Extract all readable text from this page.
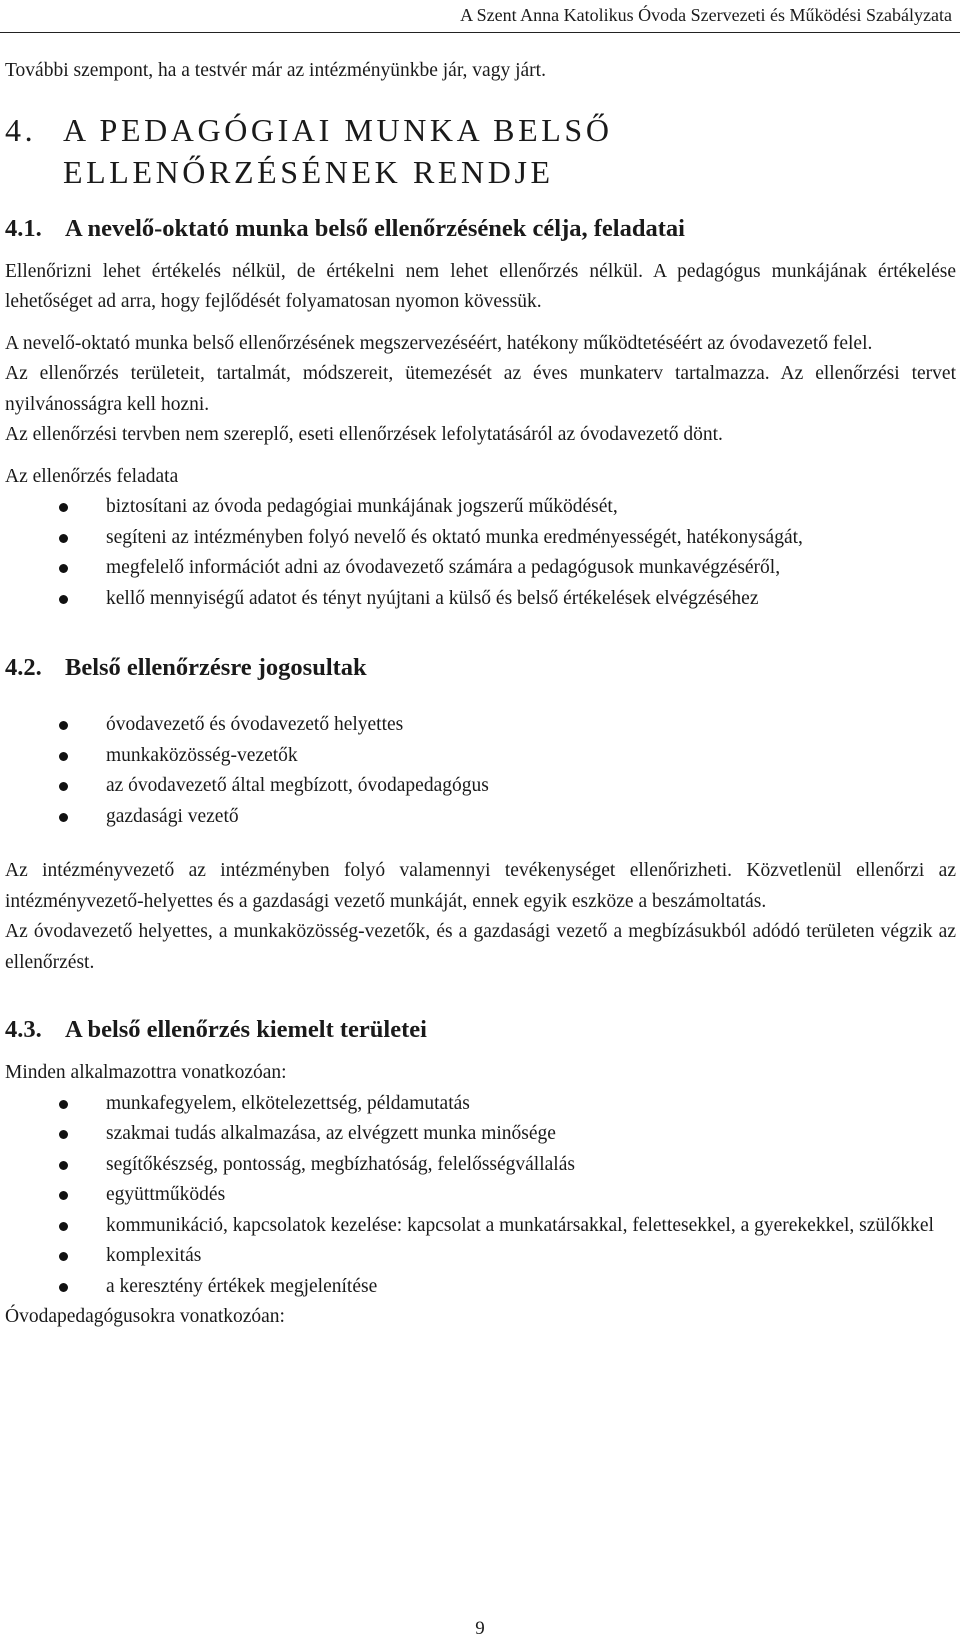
A Szent Anna Katolikus Óvoda Szervezeti és Működési Szabályzata

További szempont, ha a testvér már az intézményünkbe jár, vagy járt.

4. A PEDAGÓGIAI MUNKA BELSŐ
ELLENŐRZÉSÉNEK RENDJE
4.1. A nevelő-oktató munka belső ellenőrzésének célja, feladatai

Ellenőrizni lehet értékelés nélkül, de értékelni nem lehet ellenőrzés nélkül. A pedagógus munkájának értékelése lehetőséget ad arra, hogy fejlődését folyamatosan nyomon kövessük.

A nevelő-oktató munka belső ellenőrzésének megszervezéséért, hatékony működtetéséért az óvodavezető felel.

Az ellenőrzés területeit, tartalmát, módszereit, ütemezését az éves munkaterv tartalmazza. Az ellenőrzési tervet nyilvánosságra kell hozni.

Az ellenőrzési tervben nem szereplő, eseti ellenőrzések lefolytatásáról az óvodavezető dönt.

Az ellenőrzés feladata

biztosítani az óvoda pedagógiai munkájának jogszerű működését,
segíteni az intézményben folyó nevelő és oktató munka eredményességét, hatékonyságát,
megfelelő információt adni az óvodavezető számára a pedagógusok munkavégzéséről,
kellő mennyiségű adatot és tényt nyújtani a külső és belső értékelések elvégzéséhez
4.2. Belső ellenőrzésre jogosultak
óvodavezető és óvodavezető helyettes
munkaközösség-vezetők
az óvodavezető által megbízott, óvodapedagógus
gazdasági vezető

Az intézményvezető az intézményben folyó valamennyi tevékenységet ellenőrizheti. Közvetlenül ellenőrzi az intézményvezető-helyettes és a gazdasági vezető munkáját, ennek egyik eszköze a beszámoltatás.

Az óvodavezető helyettes, a munkaközösség-vezetők, és a gazdasági vezető a megbízásukból adódó területen végzik az ellenőrzést.

4.3. A belső ellenőrzés kiemelt területei

Minden alkalmazottra vonatkozóan:

munkafegyelem, elkötelezettség, példamutatás
szakmai tudás alkalmazása, az elvégzett munka minősége
segítőkészség, pontosság, megbízhatóság, felelősségvállalás
együttműködés
kommunikáció, kapcsolatok kezelése: kapcsolat a munkatársakkal, felettesekkel, a gyerekekkel, szülőkkel
komplexitás
a keresztény értékek megjelenítése

Óvodapedagógusokra vonatkozóan:

9
